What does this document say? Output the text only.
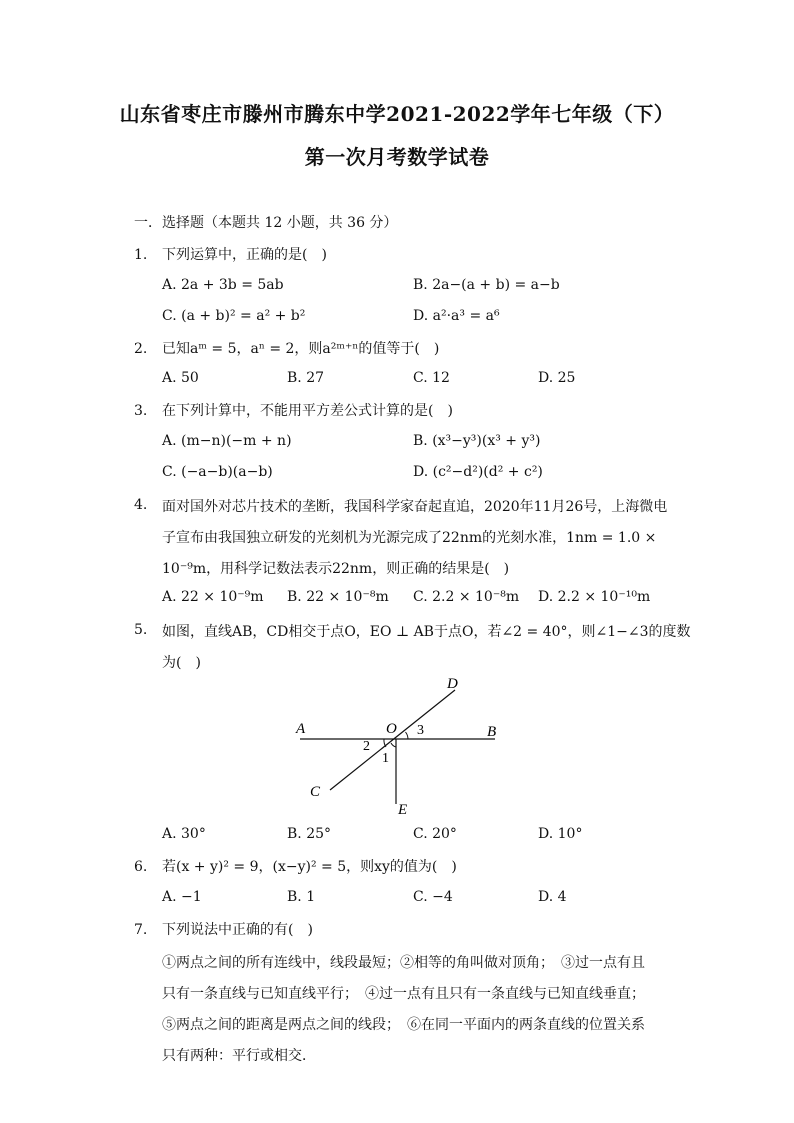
山东省枣庄市滕州市腾东中学2021-2022学年七年级（下）
第一次月考数学试卷
一．选择题（本题共 12 小题，共 36 分）
1. 下列运算中，正确的是(　)
A. 2a + 3b = 5ab	B. 2a−(a + b) = a−b
C. (a + b)² = a² + b²	D. a²·a³ = a⁶
2. 已知aᵐ = 5，aⁿ = 2，则a²ᵐ⁺ⁿ的值等于(　)
A. 50	B. 27	C. 12	D. 25
3. 在下列计算中，不能用平方差公式计算的是(　)
A. (m−n)(−m + n)	B. (x³−y³)(x³ + y³)
C. (−a−b)(a−b)	D. (c²−d²)(d² + c²)
4. 面对国外对芯片技术的垄断，我国科学家奋起直追，2020年11月26号，上海微电
子宣布由我国独立研发的光刻机为光源完成了22nm的光刻水准，1nm = 1.0 ×
10⁻⁹m，用科学记数法表示22nm，则正确的结果是(　)
A. 22 × 10⁻⁹m B. 22 × 10⁻⁸m C. 2.2 × 10⁻⁸m D. 2.2 × 10⁻¹⁰m
5. 如图，直线AB，CD相交于点O，EO ⊥ AB于点O，若∠2 = 40°，则∠1−∠3的度数
为(　)
A	B
C
D
E
O
1
2
3
A. 30°	B. 25°	C. 20°	D. 10°
6. 若(x + y)² = 9，(x−y)² = 5，则xy的值为(　)
A. −1	B. 1	C. −4	D. 4
7. 下列说法中正确的有(　)
①两点之间的所有连线中，线段最短；②相等的角叫做对顶角；　③过一点有且
只有一条直线与已知直线平行；　④过一点有且只有一条直线与已知直线垂直；
⑤两点之间的距离是两点之间的线段；　⑥在同一平面内的两条直线的位置关系
只有两种：平行或相交．
